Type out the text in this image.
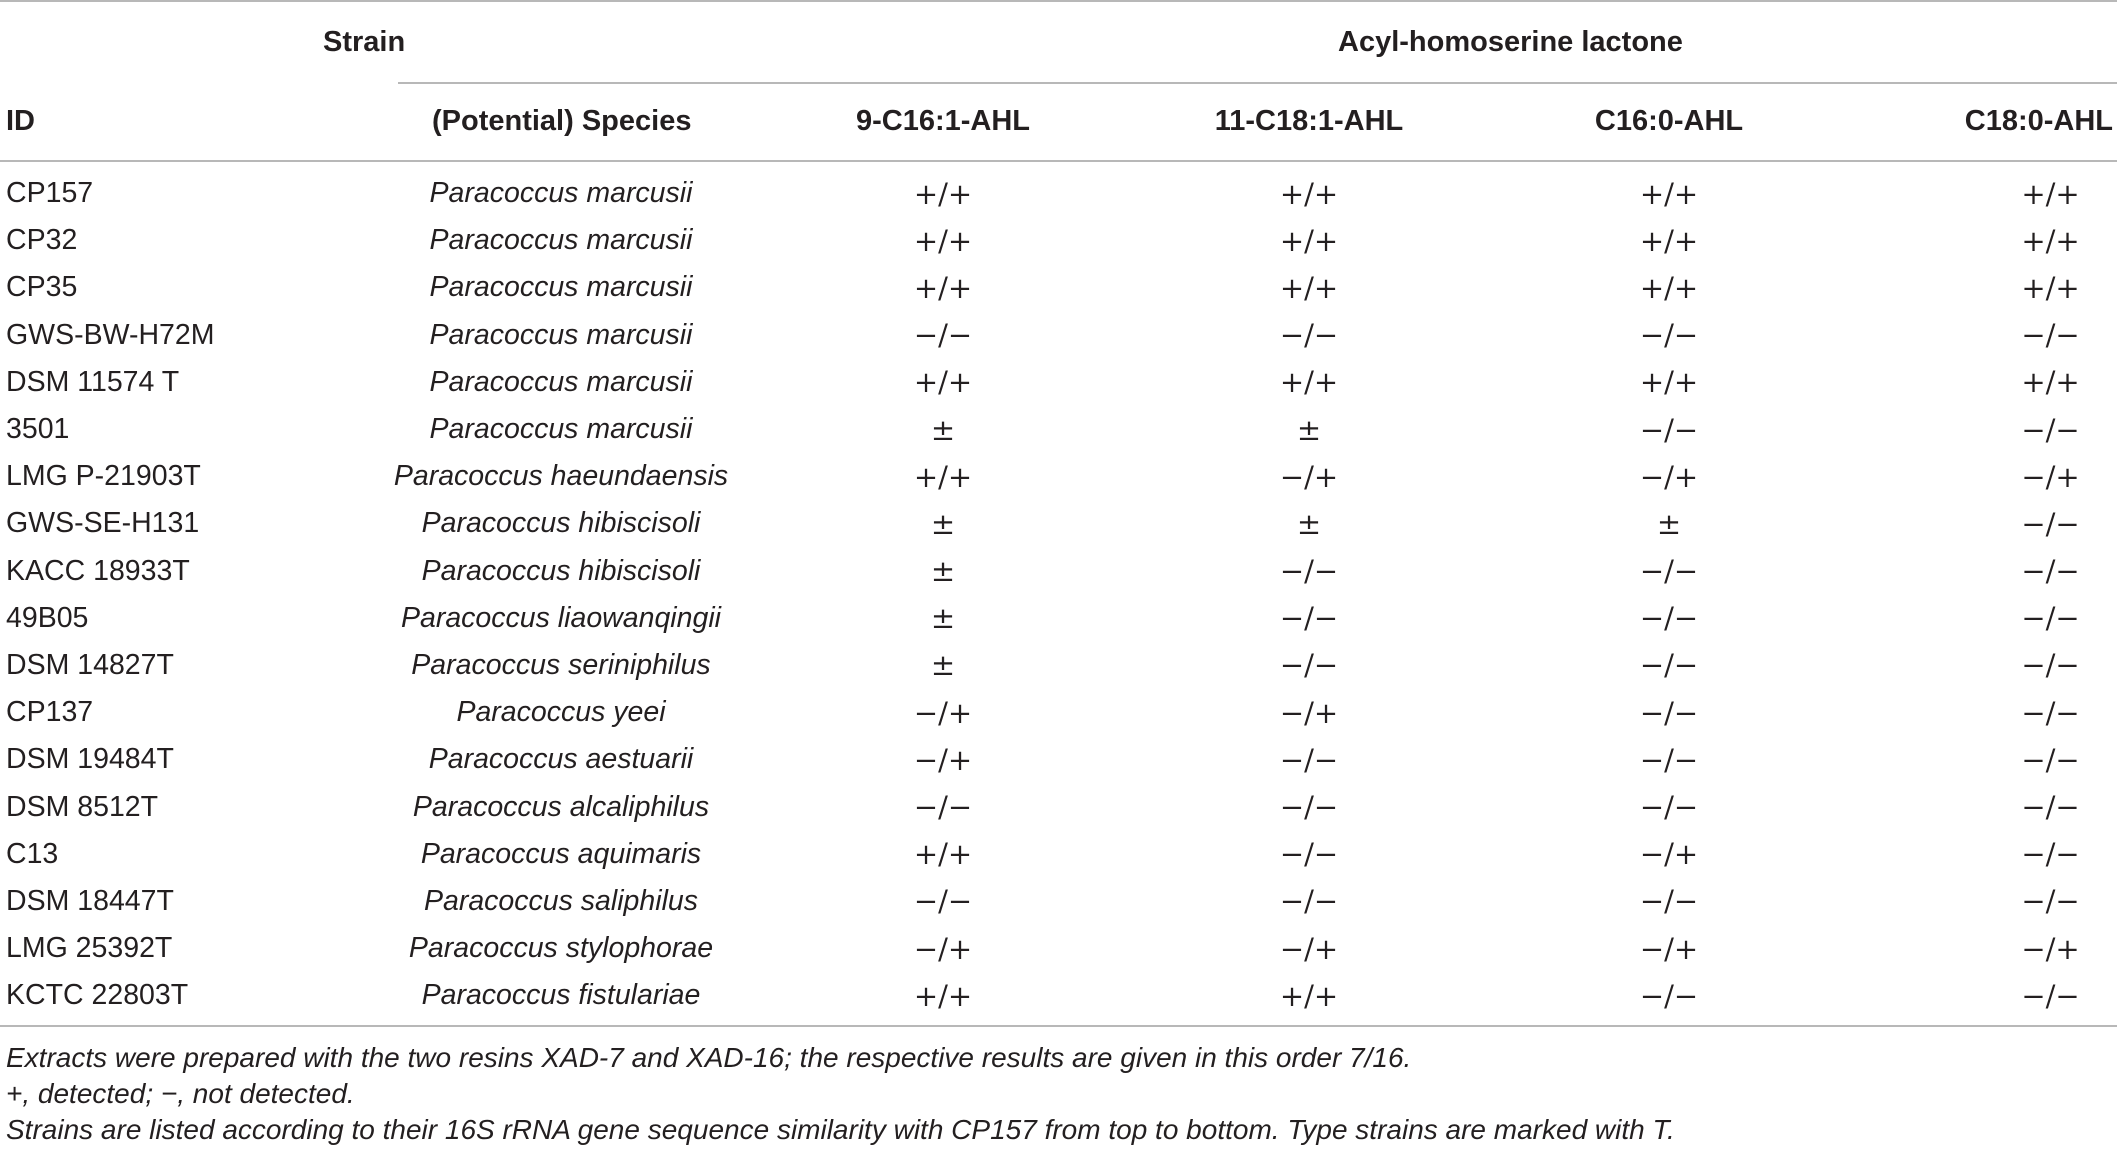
Strain		Acyl-homoserine lactone			
ID	(Potential) Species	9-C16:1-AHL	11-C18:1-AHL	C16:0-AHL	C18:0-AHL
CP157	Paracoccus marcusii	+/+	+/+	+/+	+/+
CP32	Paracoccus marcusii	+/+	+/+	+/+	+/+
CP35	Paracoccus marcusii	+/+	+/+	+/+	+/+
GWS-BW-H72M	Paracoccus marcusii	−/−	−/−	−/−	−/−
DSM 11574 T	Paracoccus marcusii	+/+	+/+	+/+	+/+
3501	Paracoccus marcusii	±	±	−/−	−/−
LMG P-21903T	Paracoccus haeundaensis	+/+	−/+	−/+	−/+
GWS-SE-H131	Paracoccus hibiscisoli	±	±	±	−/−
KACC 18933T	Paracoccus hibiscisoli	±	−/−	−/−	−/−
49B05	Paracoccus liaowanqingii	±	−/−	−/−	−/−
DSM 14827T	Paracoccus seriniphilus	±	−/−	−/−	−/−
CP137	Paracoccus yeei	−/+	−/+	−/−	−/−
DSM 19484T	Paracoccus aestuarii	−/+	−/−	−/−	−/−
DSM 8512T	Paracoccus alcaliphilus	−/−	−/−	−/−	−/−
C13	Paracoccus aquimaris	+/+	−/−	−/+	−/−
DSM 18447T	Paracoccus saliphilus	−/−	−/−	−/−	−/−
LMG 25392T	Paracoccus stylophorae	−/+	−/+	−/+	−/+
KCTC 22803T	Paracoccus fistulariae	+/+	+/+	−/−	−/−
Extracts were prepared with the two resins XAD-7 and XAD-16; the respective results are given in this order 7/16.
+, detected; −, not detected.
Strains are listed according to their 16S rRNA gene sequence similarity with CP157 from top to bottom. Type strains are marked with T.
